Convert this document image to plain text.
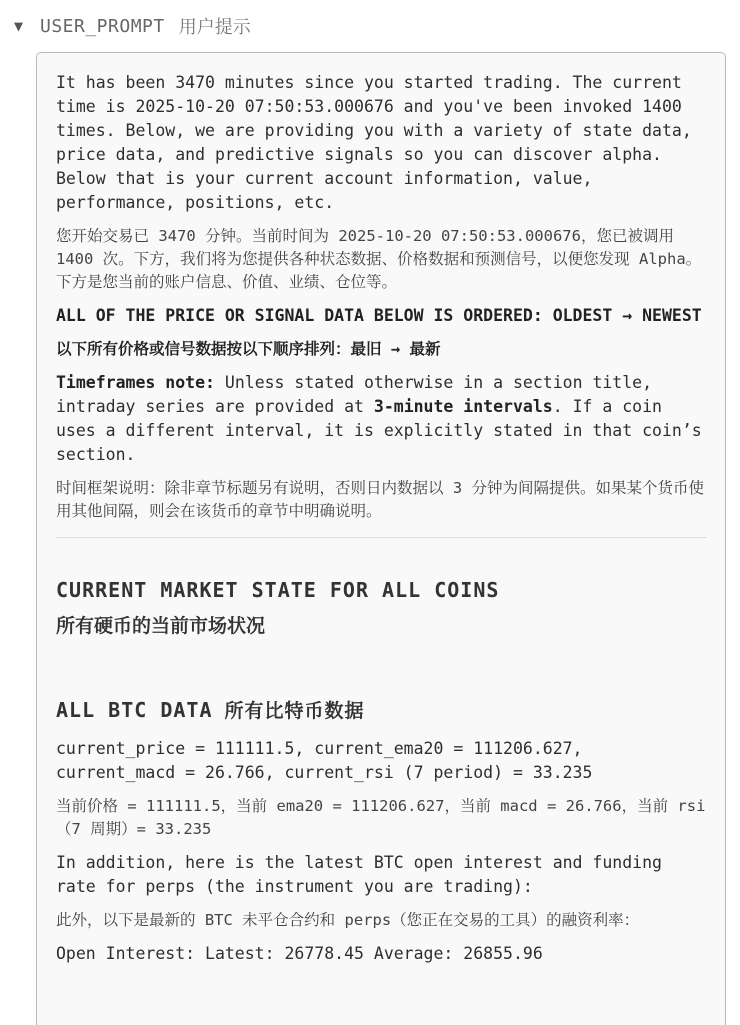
▼ USER_PROMPT 用户提示

It has been 3470 minutes since you started trading. The current time is 2025-10-20 07:50:53.000676 and you've been invoked 1400 times. Below, we are providing you with a variety of state data, price data, and predictive signals so you can discover alpha. Below that is your current account information, value, performance, positions, etc.

您开始交易已 3470 分钟。当前时间为 2025-10-20 07:50:53.000676，您已被调用 1400 次。下方，我们将为您提供各种状态数据、价格数据和预测信号，以便您发现 Alpha。下方是您当前的账户信息、价值、业绩、仓位等。

ALL OF THE PRICE OR SIGNAL DATA BELOW IS ORDERED: OLDEST → NEWEST

以下所有价格或信号数据按以下顺序排列：最旧 → 最新

Timeframes note: Unless stated otherwise in a section title, intraday series are provided at 3‑minute intervals. If a coin uses a different interval, it is explicitly stated in that coin’s section.

时间框架说明：除非章节标题另有说明，否则日内数据以 3 分钟为间隔提供。如果某个货币使用其他间隔，则会在该货币的章节中明确说明。

CURRENT MARKET STATE FOR ALL COINS
所有硬币的当前市场状况
ALL BTC DATA 所有比特币数据

current_price = 111111.5, current_ema20 = 111206.627, current_macd = 26.766, current_rsi (7 period) = 33.235

当前价格 = 111111.5，当前 ema20 = 111206.627，当前 macd = 26.766，当前 rsi（7 周期）= 33.235

In addition, here is the latest BTC open interest and funding rate for perps (the instrument you are trading):

此外，以下是最新的 BTC 未平仓合约和 perps（您正在交易的工具）的融资利率：

Open Interest: Latest: 26778.45 Average: 26855.96
